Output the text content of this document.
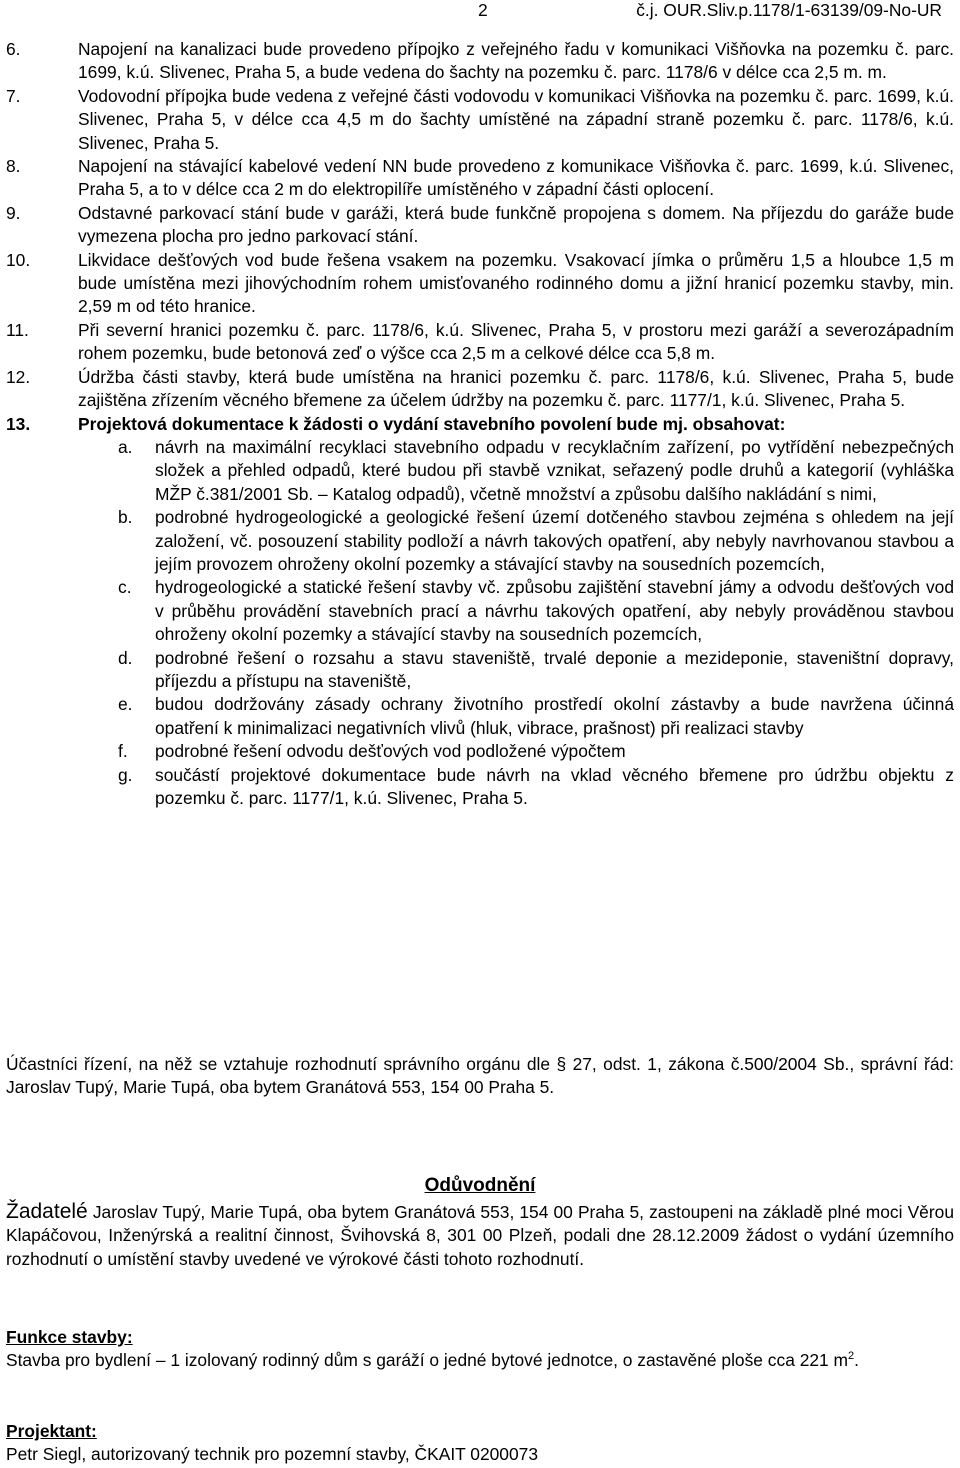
2	č.j. OUR.Sliv.p.1178/1-63139/09-No-UR
6.	Napojení na kanalizaci bude provedeno přípojko z veřejného řadu v komunikaci Višňovka na pozemku č. parc. 1699, k.ú. Slivenec, Praha 5, a bude vedena do šachty na pozemku č. parc. 1178/6 v délce cca 2,5 m. m.
7.	Vodovodní přípojka bude vedena z veřejné části vodovodu v komunikaci Višňovka na pozemku č. parc. 1699, k.ú. Slivenec, Praha 5, v délce cca 4,5 m do šachty umístěné na západní straně pozemku č. parc. 1178/6, k.ú. Slivenec, Praha 5.
8.	Napojení na stávající kabelové vedení NN bude provedeno z komunikace Višňovka č. parc. 1699, k.ú. Slivenec, Praha 5, a to v délce cca 2 m do elektropilíře umístěného v západní části oplocení.
9.	Odstavné parkovací stání bude v garáži, která bude funkčně propojena s domem. Na příjezdu do garáže bude vymezena plocha pro jedno parkovací stání.
10.	Likvidace dešťových vod bude řešena vsakem na pozemku. Vsakovací jímka o průměru 1,5 a hloubce 1,5 m bude umístěna mezi jihovýchodním rohem umisťovaného rodinného domu a jižní hranicí pozemku stavby, min. 2,59 m od této hranice.
11.	Při severní hranici pozemku č. parc. 1178/6, k.ú. Slivenec, Praha 5, v prostoru mezi garáží a severozápadním rohem pozemku, bude betonová zeď o výšce cca 2,5 m a celkové délce cca 5,8 m.
12.	Údržba části stavby, která bude umístěna na hranici pozemku č. parc. 1178/6, k.ú. Slivenec, Praha 5, bude zajištěna zřízením věcného břemene za účelem údržby na pozemku č. parc. 1177/1, k.ú. Slivenec, Praha 5.
13.	Projektová dokumentace k žádosti o vydání stavebního povolení bude mj. obsahovat:
a.	návrh na maximální recyklaci stavebního odpadu v recyklačním zařízení, po vytřídění nebezpečných složek a přehled odpadů, které budou při stavbě vznikat, seřazený podle druhů a kategorií (vyhláška MŽP č.381/2001 Sb. – Katalog odpadů), včetně množství a způsobu dalšího nakládání s nimi,
b.	podrobné hydrogeologické a geologické řešení území dotčeného stavbou zejména s ohledem na její založení, vč. posouzení stability podloží a návrh takových opatření, aby nebyly navrhovanou stavbou a jejím provozem ohroženy okolní pozemky a stávající stavby na sousedních pozemcích,
c.	hydrogeologické a statické řešení stavby vč. způsobu zajištění stavební jámy a odvodu dešťových vod v průběhu provádění stavebních prací a návrhu takových opatření, aby nebyly prováděnou stavbou ohroženy okolní pozemky a stávající stavby na sousedních pozemcích,
d.	podrobné řešení o rozsahu a stavu staveniště, trvalé deponie a mezideponie, staveništní dopravy, příjezdu a přístupu na staveniště,
e.	budou dodržovány zásady ochrany životního prostředí okolní zástavby a bude navržena účinná opatření k minimalizaci negativních vlivů (hluk, vibrace, prašnost) při realizaci stavby
f.	podrobné řešení odvodu dešťových vod podložené výpočtem
g.	součástí projektové dokumentace bude návrh na vklad věcného břemene pro údržbu objektu z pozemku č. parc. 1177/1, k.ú. Slivenec, Praha 5.
Účastníci řízení, na něž se vztahuje rozhodnutí správního orgánu dle § 27, odst. 1, zákona č.500/2004 Sb., správní řád: Jaroslav Tupý, Marie Tupá, oba bytem Granátová 553, 154 00 Praha 5.
Odůvodnění
Žadatelé Jaroslav Tupý, Marie Tupá, oba bytem Granátová 553, 154 00 Praha 5, zastoupeni na základě plné moci Věrou Klapáčovou, Inženýrská a realitní činnost, Švihovská 8, 301 00 Plzeň, podali dne 28.12.2009 žádost o vydání územního rozhodnutí o umístění stavby uvedené ve výrokové části tohoto rozhodnutí.
Funkce stavby:
Stavba pro bydlení – 1 izolovaný rodinný dům s garáží o jedné bytové jednotce, o zastavěné ploše cca 221 $m^2$.
Projektant:
Petr Siegl, autorizovaný technik pro pozemní stavby, ČKAIT 0200073
